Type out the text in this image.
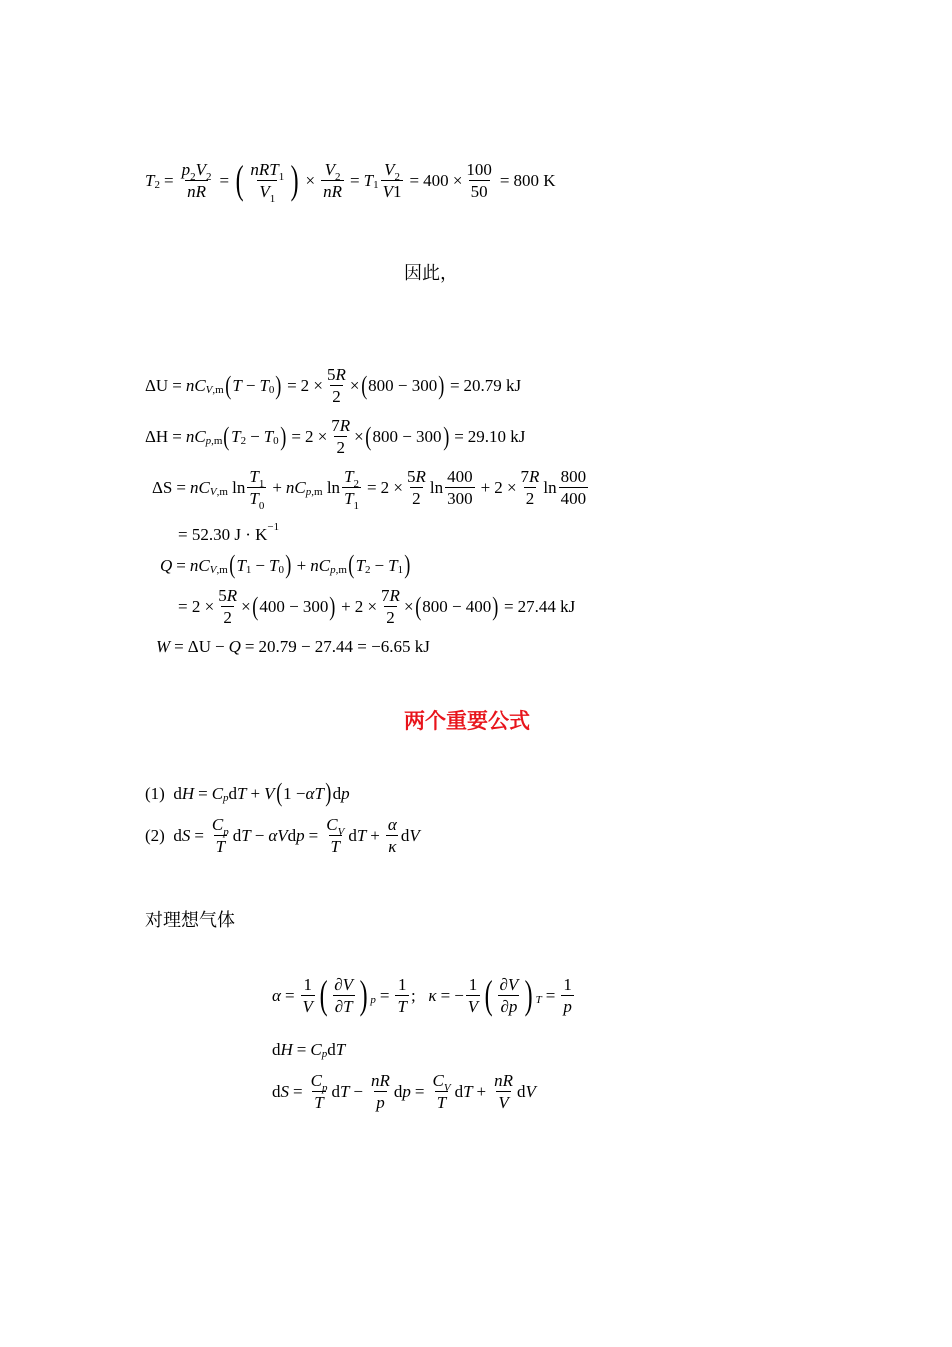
T $2 = \frac{p_2V_2}{nR}$ = ( $\frac{nRT_1}{V_1}$ ) × $\frac{V_2}{nR} = T$ $1 \frac{V_2}{V1} = 400 \times \frac{100}{50} = 800$ K
因此，
ΔU = nC V ,m ( T − T 0 ) = $2 \times \frac{5R}{2}$ × ( 800 − 300 ) = 20.79 kJ
ΔH = nC p ,m ( T 2 − T 0 ) = $2 \times \frac{7R}{2}$ × ( 800 − 300 ) = 29.10 kJ
ΔS = nC V ,m $\ln \frac{T_1}{T_0}$ + nC p ,m $\ln \frac{T_2}{T_1} = 2 \times \frac{5R}{2}$ $\ln \frac{400}{300} + 2 \times \frac{7R}{2}$ $\ln \frac{800}{400}$
= 52.30 J · K −1
Q = nC V ,m ( T 1 − T 0 ) + nC p ,m ( T 2 − T 1 )
= $2 \times \frac{5R}{2}$ × ( 400 − 300 ) + $2 \times \frac{7R}{2}$ × ( 800 − 400 ) = 27.44 kJ
W = ΔU − Q = 20.79 − 27.44 = −6.65 kJ
两个重要公式
(1) d H = C p d T + V ( 1 − αT ) d p
(2) d $S = \frac{C_p}{T}$ d T − αV d $p = \frac{C_V}{T}$ d $T + \frac{\alpha}{\kappa}$ d V
对理想气体
$\alpha = \frac{1}{V}$ ( $\frac{\partial V}{\partial T}$ ) $p = \frac{1}{T}$ ; κ = − $\frac{1}{V}$ ( $\frac{\partial V}{\partial p}$ ) $T = \frac{1}{p}$
d H = C p d T
d $S = \frac{C_p}{T}$ d $T - \frac{nR}{p}$ d $p = \frac{C_V}{T}$ d $T + \frac{nR}{V}$ d V
